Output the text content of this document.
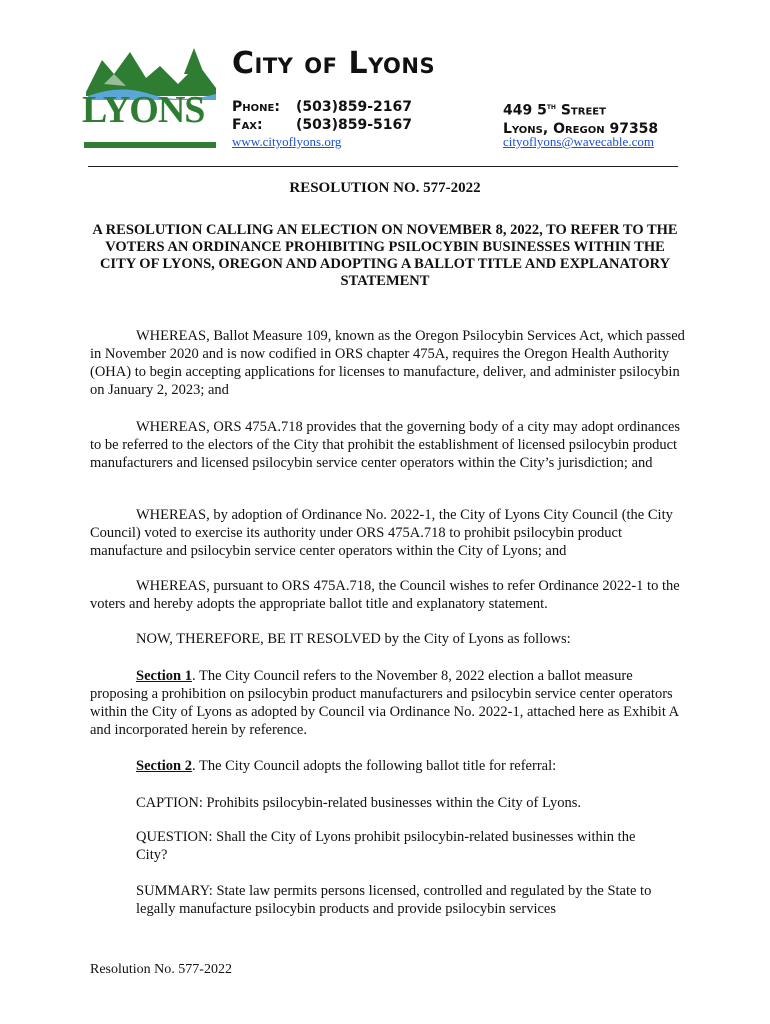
LYONS
City of Lyons
Phone: (503)859-2167
Fax: (503)859-5167
449 5th Street
Lyons, Oregon 97358
www.cityoflyons.org	cityoflyons@wavecable.com
RESOLUTION NO. 577-2022
A RESOLUTION CALLING AN ELECTION ON NOVEMBER 8, 2022, TO REFER TO THE VOTERS AN ORDINANCE PROHIBITING PSILOCYBIN BUSINESSES WITHIN THE CITY OF LYONS, OREGON AND ADOPTING A BALLOT TITLE AND EXPLANATORY STATEMENT
WHEREAS, Ballot Measure 109, known as the Oregon Psilocybin Services Act, which passed in November 2020 and is now codified in ORS chapter 475A, requires the Oregon Health Authority (OHA) to begin accepting applications for licenses to manufacture, deliver, and administer psilocybin on January 2, 2023; and
WHEREAS, ORS 475A.718 provides that the governing body of a city may adopt ordinances to be referred to the electors of the City that prohibit the establishment of licensed psilocybin product manufacturers and licensed psilocybin service center operators within the City’s jurisdiction; and
WHEREAS, by adoption of Ordinance No. 2022-1, the City of Lyons City Council (the City Council) voted to exercise its authority under ORS 475A.718 to prohibit psilocybin product manufacture and psilocybin service center operators within the City of Lyons; and
WHEREAS, pursuant to ORS 475A.718, the Council wishes to refer Ordinance 2022-1 to the voters and hereby adopts the appropriate ballot title and explanatory statement.
NOW, THEREFORE, BE IT RESOLVED by the City of Lyons as follows:
Section 1. The City Council refers to the November 8, 2022 election a ballot measure proposing a prohibition on psilocybin product manufacturers and psilocybin service center operators within the City of Lyons as adopted by Council via Ordinance No. 2022-1, attached here as Exhibit A and incorporated herein by reference.
Section 2. The City Council adopts the following ballot title for referral:
CAPTION: Prohibits psilocybin-related businesses within the City of Lyons.
QUESTION: Shall the City of Lyons prohibit psilocybin-related businesses within the City?
SUMMARY: State law permits persons licensed, controlled and regulated by the State to legally manufacture psilocybin products and provide psilocybin services
Resolution No. 577-2022
